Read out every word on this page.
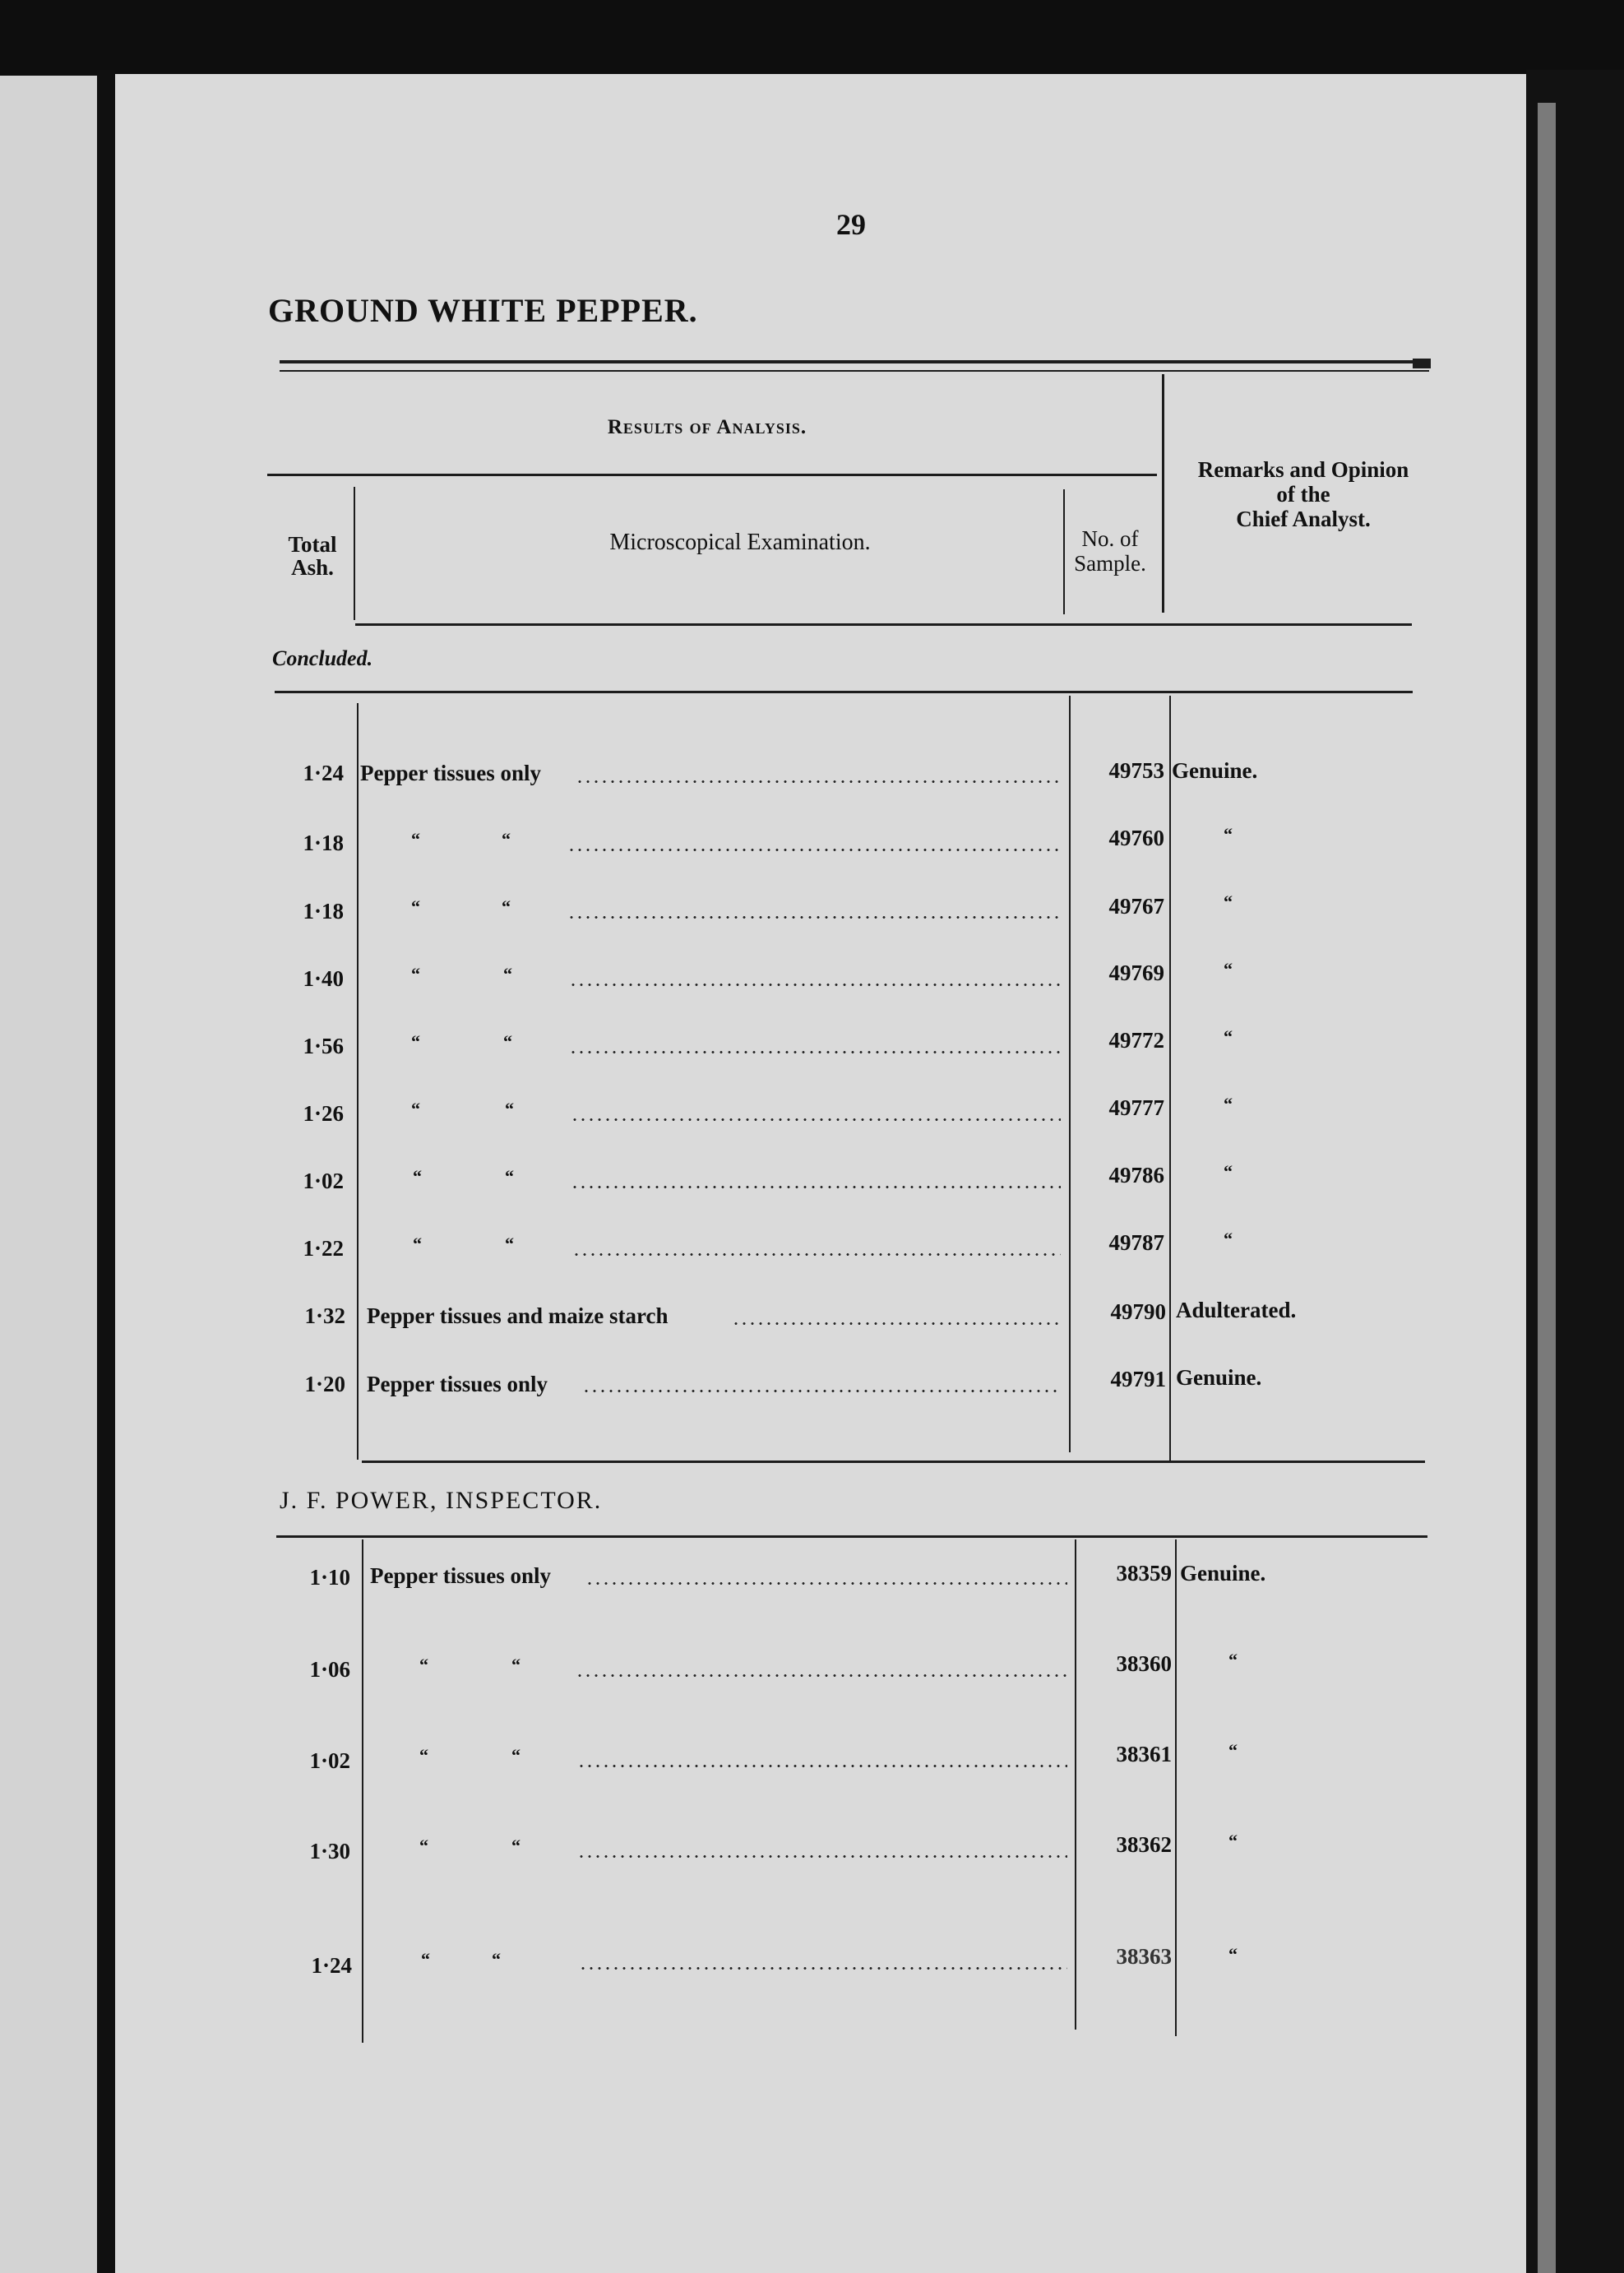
29
GROUND WHITE PEPPER.
Results of Analysis.
Remarks and Opinion
of the
Chief Analyst.
Total
Ash.
Microscopical Examination.	No. of
Sample.
Concluded.
1·24 Pepper tissues only	49753 Genuine.
1·18	“	“	49760	“
1·18	“	“	49767	“
1·40	“	“	49769	“
1·56	“	“	49772	“
1·26	“	“	49777	“
1·02	“	“	49786	“
1·22	“	“	49787	“
1·32 Pepper tissues and maize starch	49790 Adulterated.
1·20 Pepper tissues only	49791 Genuine.
J. F. POWER, INSPECTOR.
1·10 Pepper tissues only	38359 Genuine.
1·06	“	“	38360	“
1·02	“	“	38361	“
1·30	“	“	38362	“
1·24	“	“	38363	“
